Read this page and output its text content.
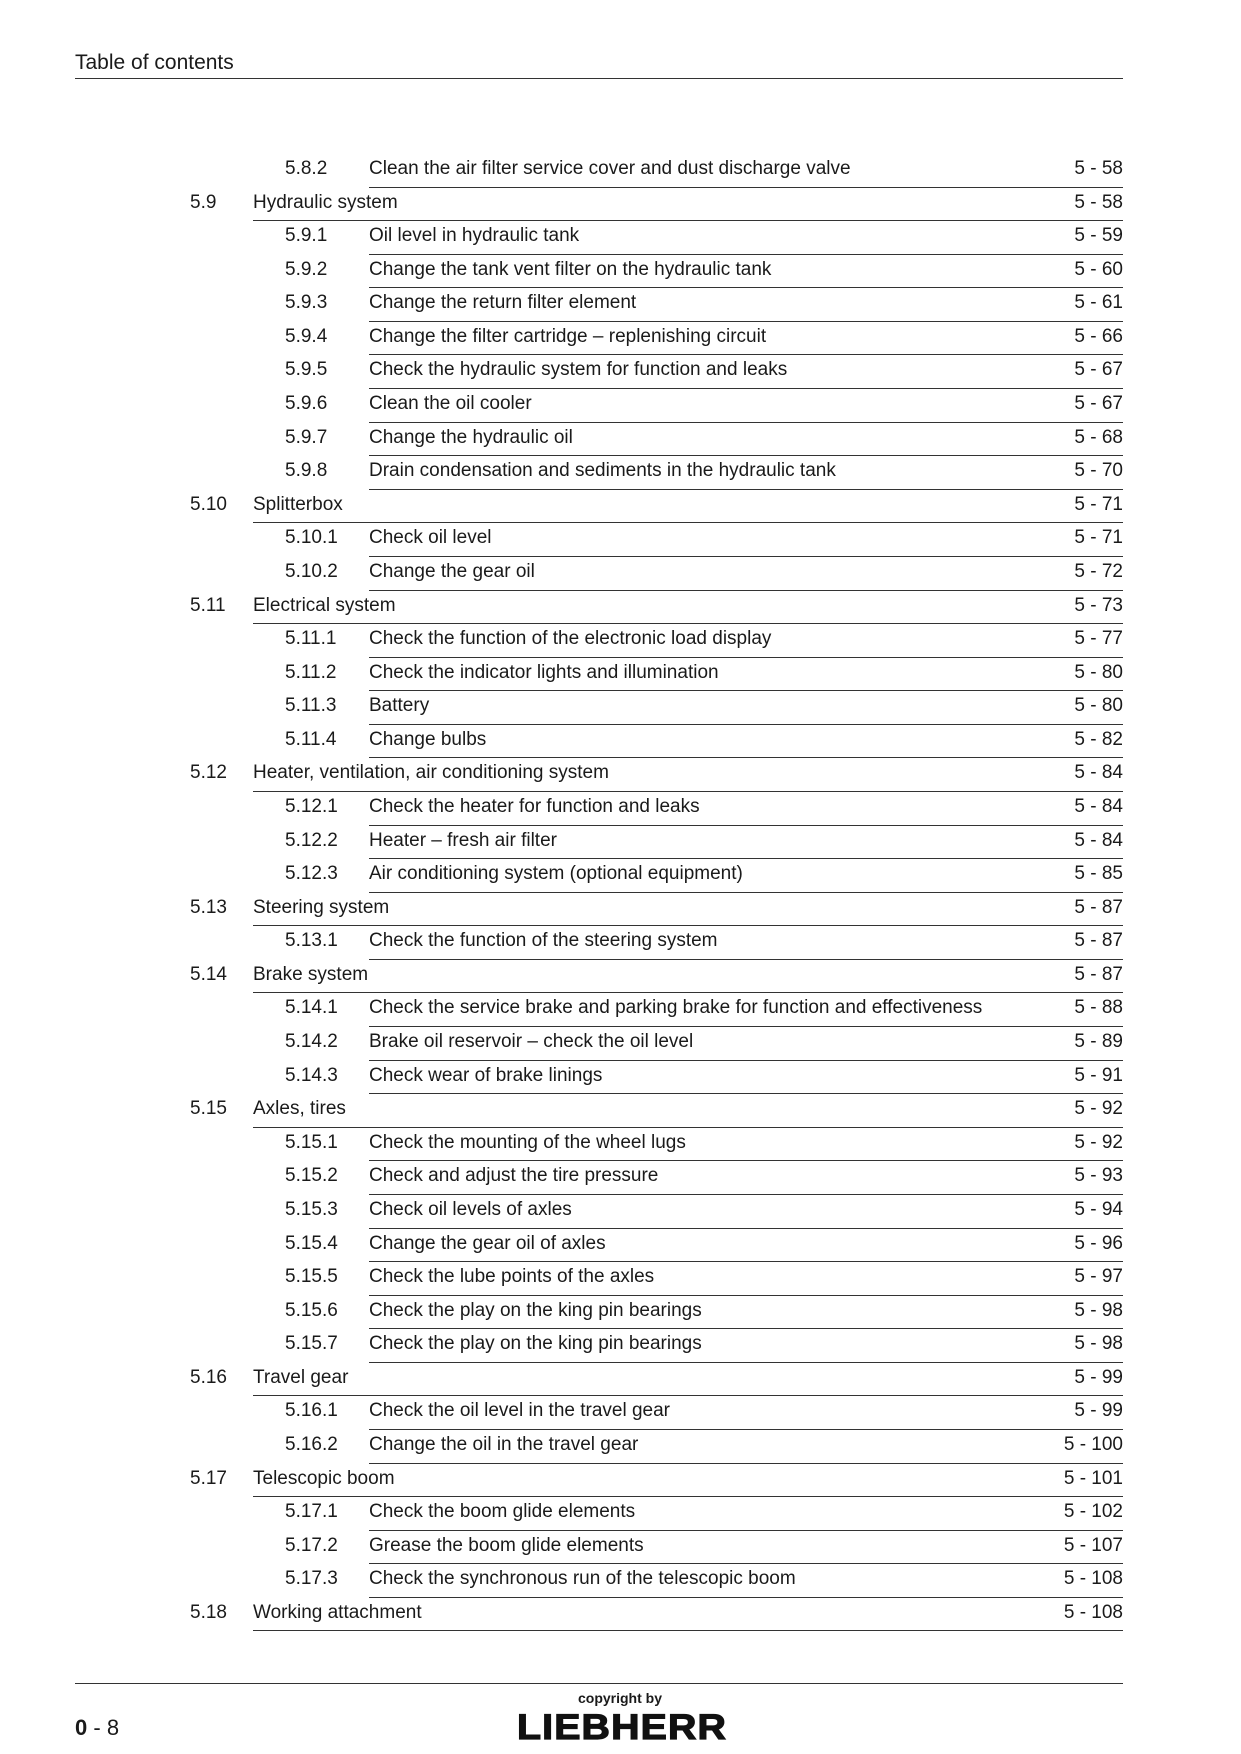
Table of contents
5.8.2 Clean the air filter service cover and dust discharge valve	5 - 58
5.9 Hydraulic system	5 - 58
5.9.1 Oil level in hydraulic tank	5 - 59
5.9.2 Change the tank vent filter on the hydraulic tank	5 - 60
5.9.3 Change the return filter element	5 - 61
5.9.4 Change the filter cartridge – replenishing circuit	5 - 66
5.9.5 Check the hydraulic system for function and leaks	5 - 67
5.9.6 Clean the oil cooler	5 - 67
5.9.7 Change the hydraulic oil	5 - 68
5.9.8 Drain condensation and sediments in the hydraulic tank	5 - 70
5.10 Splitterbox	5 - 71
5.10.1 Check oil level	5 - 71
5.10.2 Change the gear oil	5 - 72
5.11 Electrical system	5 - 73
5.11.1 Check the function of the electronic load display	5 - 77
5.11.2 Check the indicator lights and illumination	5 - 80
5.11.3 Battery	5 - 80
5.11.4 Change bulbs	5 - 82
5.12 Heater, ventilation, air conditioning system	5 - 84
5.12.1 Check the heater for function and leaks	5 - 84
5.12.2 Heater – fresh air filter	5 - 84
5.12.3 Air conditioning system (optional equipment)	5 - 85
5.13 Steering system	5 - 87
5.13.1 Check the function of the steering system	5 - 87
5.14 Brake system	5 - 87
5.14.1 Check the service brake and parking brake for function and effectiveness	5 - 88
5.14.2 Brake oil reservoir – check the oil level	5 - 89
5.14.3 Check wear of brake linings	5 - 91
5.15 Axles, tires	5 - 92
5.15.1 Check the mounting of the wheel lugs	5 - 92
5.15.2 Check and adjust the tire pressure	5 - 93
5.15.3 Check oil levels of axles	5 - 94
5.15.4 Change the gear oil of axles	5 - 96
5.15.5 Check the lube points of the axles	5 - 97
5.15.6 Check the play on the king pin bearings	5 - 98
5.15.7 Check the play on the king pin bearings	5 - 98
5.16 Travel gear	5 - 99
5.16.1 Check the oil level in the travel gear	5 - 99
5.16.2 Change the oil in the travel gear	5 - 100
5.17 Telescopic boom	5 - 101
5.17.1 Check the boom glide elements	5 - 102
5.17.2 Grease the boom glide elements	5 - 107
5.17.3 Check the synchronous run of the telescopic boom	5 - 108
5.18 Working attachment	5 - 108
0 - 8
copyright by
LIEBHERR
